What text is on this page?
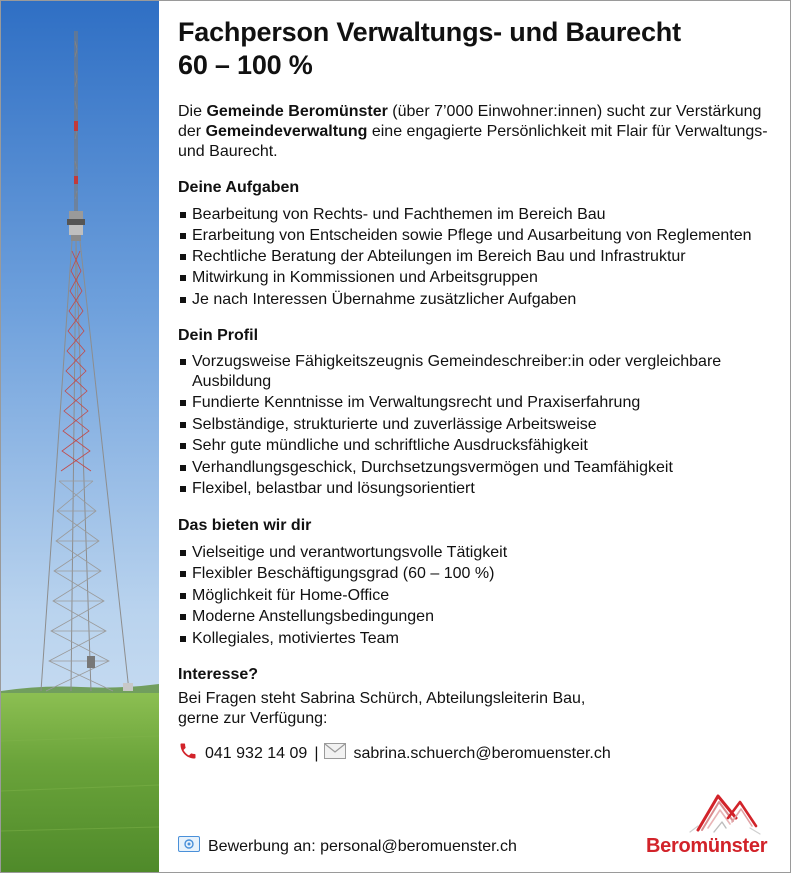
Fachperson Verwaltungs- und Baurecht
60 – 100 %

Die Gemeinde Beromünster (über 7’000 Einwohner:innen) sucht zur Verstärkung der Gemeindeverwaltung eine engagierte Persönlichkeit mit Flair für Verwaltungs- und Baurecht.

Deine Aufgaben
Bearbeitung von Rechts- und Fachthemen im Bereich Bau
Erarbeitung von Entscheiden sowie Pflege und Ausarbeitung von Reglementen
Rechtliche Beratung der Abteilungen im Bereich Bau und Infrastruktur
Mitwirkung in Kommissionen und Arbeitsgruppen
Je nach Interessen Übernahme zusätzlicher Aufgaben
Dein Profil
Vorzugsweise Fähigkeitszeugnis Gemeindeschreiber:in oder vergleichbare Ausbildung
Fundierte Kenntnisse im Verwaltungsrecht und Praxiserfahrung
Selbständige, strukturierte und zuverlässige Arbeitsweise
Sehr gute mündliche und schriftliche Ausdrucksfähigkeit
Verhandlungsgeschick, Durchsetzungsvermögen und Teamfähigkeit
Flexibel, belastbar und lösungsorientiert
Das bieten wir dir
Vielseitige und verantwortungsvolle Tätigkeit
Flexibler Beschäftigungsgrad (60 – 100 %)
Möglichkeit für Home-Office
Moderne Anstellungsbedingungen
Kollegiales, motiviertes Team
Interesse?

Bei Fragen steht Sabrina Schürch, Abteilungsleiterin Bau,

gerne zur Verfügung:

041 932 14 09 | sabrina.schuerch@beromuenster.ch
Bewerbung an: personal@beromuenster.ch	Beromünster
